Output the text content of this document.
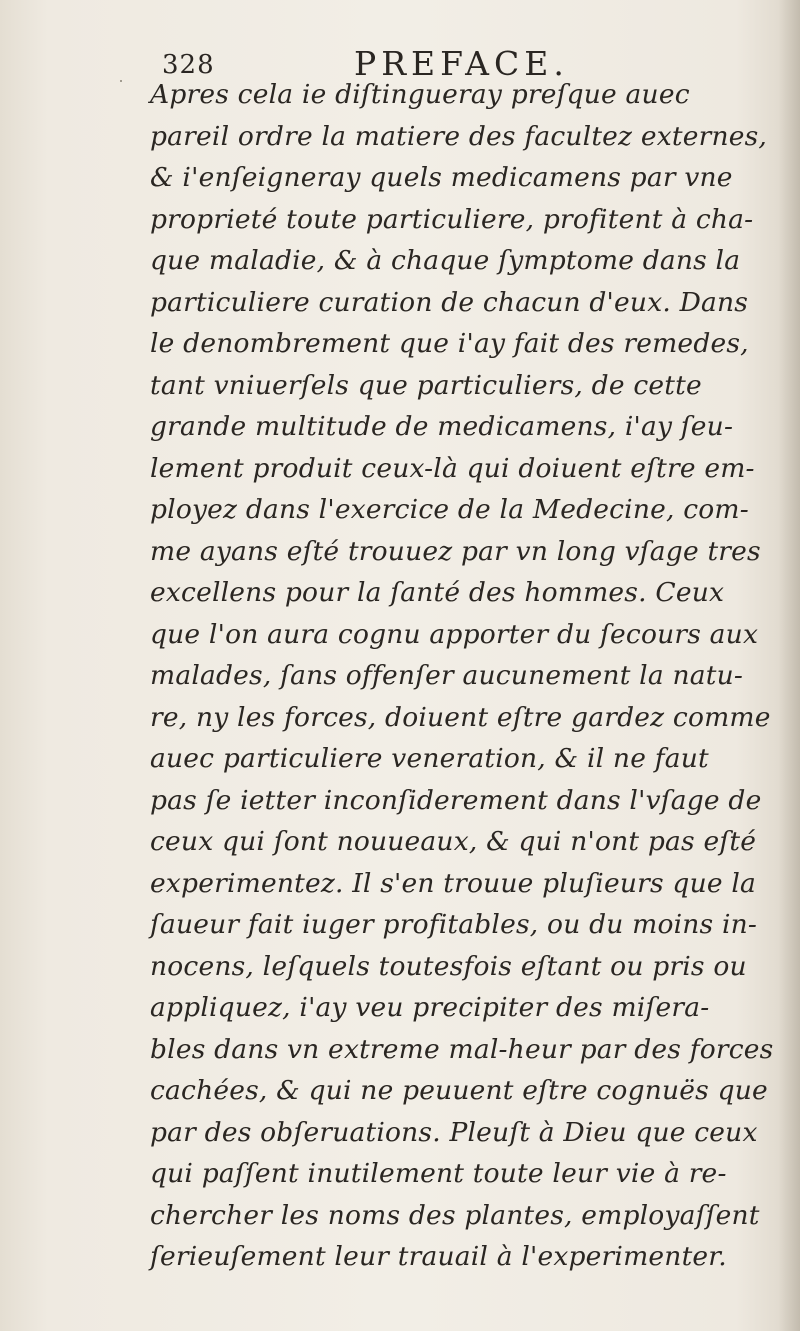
328	PREFACE.
Apres cela ie diſtingueray preſque auec
pareil ordre la matiere des facultez externes,
& i'enſeigneray quels medicamens par vne
proprieté toute particuliere, profitent à cha-
que maladie, & à chaque ſymptome dans la
particuliere curation de chacun d'eux. Dans
le denombrement que i'ay fait des remedes,
tant vniuerſels que particuliers, de cette
grande multitude de medicamens, i'ay ſeu-
lement produit ceux-là qui doiuent eſtre em-
ployez dans l'exercice de la Medecine, com-
me ayans eſté trouuez par vn long vſage tres
excellens pour la ſanté des hommes. Ceux
que l'on aura cognu apporter du ſecours aux
malades, ſans offenſer aucunement la natu-
re, ny les forces, doiuent eſtre gardez comme
auec particuliere veneration, & il ne faut
pas ſe ietter inconſiderement dans l'vſage de
ceux qui ſont nouueaux, & qui n'ont pas eſté
experimentez. Il s'en trouue pluſieurs que la
ſaueur fait iuger profitables, ou du moins in-
nocens, leſquels toutesfois eſtant ou pris ou
appliquez, i'ay veu precipiter des miſera-
bles dans vn extreme mal-heur par des forces
cachées, & qui ne peuuent eſtre cognuës que
par des obſeruations. Pleuſt à Dieu que ceux
qui paſſent inutilement toute leur vie à re-
chercher les noms des plantes, employaſſent
ſerieuſement leur trauail à l'experimenter.
